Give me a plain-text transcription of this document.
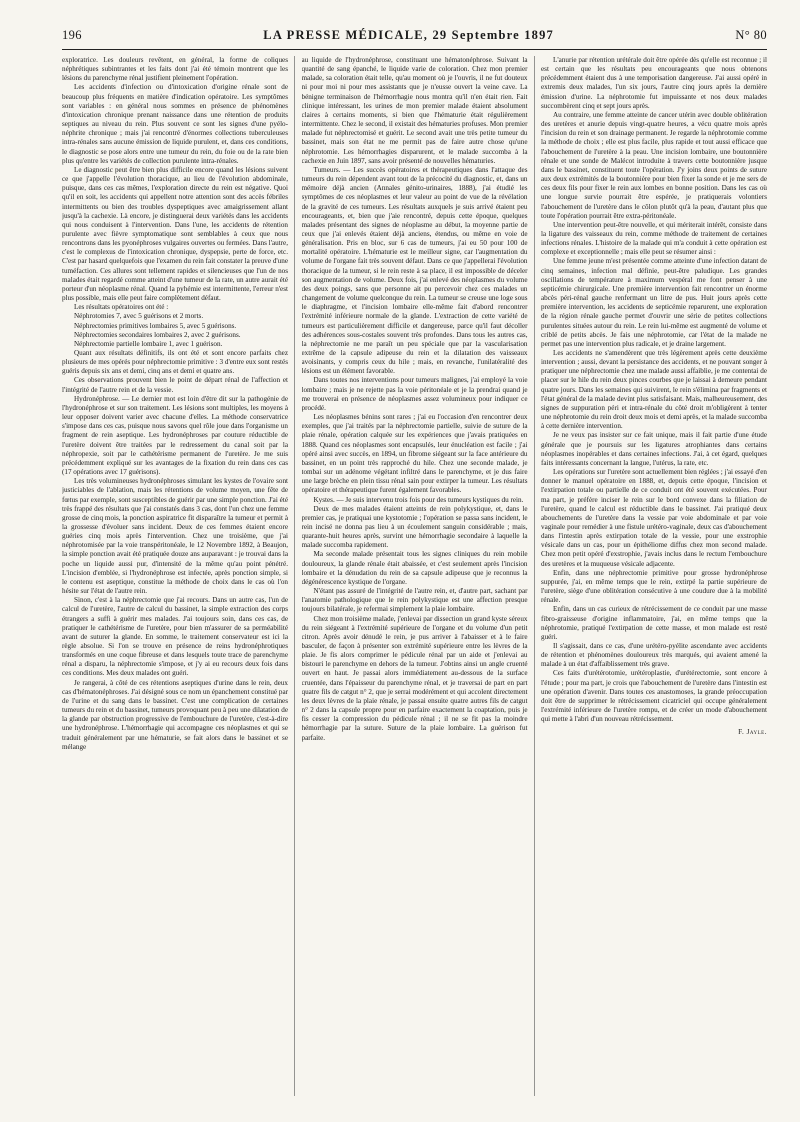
196	LA PRESSE MÉDICALE, 29 Septembre 1897	N° 80

exploratrice. Les douleurs revêtent, en général, la forme de coliques néphrétiques subintrantes et les faits dont j'ai été témoin montrent que les lésions du parenchyme rénal justifient pleinement l'opération.

Les accidents d'infection ou d'intoxication d'origine rénale sont de beaucoup plus fréquents en matière d'indication opératoire. Les symptômes sont variables : en général nous sommes en présence de phénomènes d'intoxication chronique prenant naissance dans une rétention de produits septiques au niveau du rein. Plus souvent ce sont les signes d'une pyélo-néphrite chronique ; mais j'ai rencontré d'énormes collections tuberculeuses intra-rénales sans aucune émission de liquide purulent, et, dans ces conditions, le diagnostic se pose alors entre une tumeur du rein, du foie ou de la rate bien plus qu'entre les variétés de collection purulente intra-rénales.

Le diagnostic peut être bien plus difficile encore quand les lésions suivent ce que j'appelle l'évolution thoracique, au lieu de l'évolution abdominale, puisque, dans ces cas mêmes, l'exploration directe du rein est négative. Quoi qu'il en soit, les accidents qui appellent notre attention sont des accès fébriles intermittents ou bien des troubles dyspeptiques avec amaigrissement allant jusqu'à la cachexie. Là encore, je distinguerai deux variétés dans les accidents qui nous conduisent à l'intervention. Dans l'une, les accidents de rétention purulente avec fièvre symptomatique sont semblables à ceux que nous rencontrons dans les pyonéphroses vulgaires ouvertes ou fermées. Dans l'autre, c'est le complexus de l'intoxication chronique, dyspepsie, perte de force, etc. C'est par hasard quelquefois que l'examen du rein fait constater la preuve d'une tuméfaction. Ces allures sont tellement rapides et silencieuses que l'un de nos malades était regardé comme atteint d'une tumeur de la rate, un autre aurait été porteur d'un néoplasme rénal. Quand la pyhémie est intermittente, l'erreur n'est plus possible, mais elle peut faire complètement défaut.

Les résultats opératoires ont été :

Néphrotomies 7, avec 5 guérisons et 2 morts.

Néphrectomies primitives lombaires 5, avec 5 guérisons.

Néphrectomies secondaires lombaires 2, avec 2 guérisons.

Néphrectomie partielle lombaire 1, avec 1 guérison.

Quant aux résultats définitifs, ils ont été et sont encore parfaits chez plusieurs de mes opérés pour néphrectomie primitive : 3 d'entre eux sont restés guéris depuis six ans et demi, cinq ans et demi et quatre ans.

Ces observations prouvent bien le point de départ rénal de l'affection et l'intégrité de l'autre rein et de la vessie.

Hydronéphrose. — Le dernier mot est loin d'être dit sur la pathogénie de l'hydronéphrose et sur son traitement. Les lésions sont multiples, les moyens à leur opposer doivent varier avec chacune d'elles. La méthode conservatrice s'impose dans ces cas, puisque nous savons quel rôle joue dans l'organisme un fragment de rein aseptique. Les hydronéphroses par couture réductible de l'uretère doivent être traitées par le redressement du canal soit par la néphropexie, soit par le cathétérisme permanent de l'uretère. Je me suis précédemment expliqué sur les avantages de la fixation du rein dans ces cas (17 opérations avec 17 guérisons).

Les très volumineuses hydronéphroses simulant les kystes de l'ovaire sont justiciables de l'ablation, mais les rétentions de volume moyen, une fête de fœtus par exemple, sont susceptibles de guérir par une simple ponction. J'ai été très frappé des résultats que j'ai constatés dans 3 cas, dont l'un chez une femme grosse de cinq mois, la ponction aspiratrice fit disparaître la tumeur et permit à la grossesse d'évoluer sans incident. Deux de ces femmes étaient encore guéries cinq mois après l'intervention. Chez une troisième, que j'ai néphrotomisée par la voie transpéritonéale, le 12 Novembre 1892, à Beaujon, la simple ponction avait été pratiquée douze ans auparavant : je trouvai dans la poche un liquide aussi pur, d'intensité de la même qu'au point pénétré. L'incision d'emblée, si l'hydronéphrose est infectée, après ponction simple, si le contenu est aseptique, constitue la méthode de choix dans le cas où l'on hésite sur l'état de l'autre rein.

Sinon, c'est à la néphrectomie que j'ai recours. Dans un autre cas, l'un de calcul de l'uretère, l'autre de calcul du bassinet, la simple extraction des corps étrangers a suffi à guérir mes malades. J'ai toujours soin, dans ces cas, de pratiquer le cathétérisme de l'uretère, pour bien m'assurer de sa perméabilité avant de suturer la glande. En somme, le traitement conservateur est ici la règle absolue. Si l'on se trouve en présence de reins hydronéphrotiques transformés en une coque fibreuse et dans lesquels toute trace de parenchyme rénal a disparu, la néphrectomie s'impose, et j'y ai eu recours deux fois dans ces conditions. Mes deux malades ont guéri.

Je rangerai, à côté de ces rétentions aseptiques d'urine dans le rein, deux cas d'hématonéphroses. J'ai désigné sous ce nom un épanchement constitué par de l'urine et du sang dans le bassinet. C'est une complication de certaines tumeurs du rein et du bassinet, tumeurs provoquant peu à peu une dilatation de la glande par obstruction progressive de l'embouchure de l'uretère, c'est-à-dire une hydronéphrose. L'hémorrhagie qui accompagne ces néoplasmes et qui se traduit généralement par une hématurie, se fait alors dans le bassinet et se mélange

au liquide de l'hydronéphrose, constituant une hématonéphrose. Suivant la quantité de sang épanché, le liquide varie de coloration. Chez mon premier malade, sa coloration était telle, qu'au moment où je l'ouvris, il ne fut douteux ni pour moi ni pour mes assistants que je n'eusse ouvert la veine cave. La bénigne terminaison de l'hémorrhagie nous montra qu'il n'en était rien. Fait clinique intéressant, les urines de mon premier malade étaient absolument claires à certains moments, si bien que l'hématurie était régulièrement intermittente. Chez le second, il existait des hématuries profuses. Mon premier malade fut néphrectomisé et guérit. Le second avait une très petite tumeur du bassinet, mais son état ne me permit pas de faire autre chose qu'une néphrotomie. Les hémorrhagies disparurent, et le malade succomba à la cachexie en Juin 1897, sans avoir présenté de nouvelles hématuries.

Tumeurs. — Les succès opératoires et thérapeutiques dans l'attaque des tumeurs du rein dépendent avant tout de la précocité du diagnostic, et, dans un mémoire déjà ancien (Annales génito-urinaires, 1888), j'ai étudié les symptômes de ces néoplasmes et leur valeur au point de vue de la révélation de la gravité de ces tumeurs. Les résultats auxquels je suis arrivé étaient peu encourageants, et, bien que j'aie rencontré, depuis cette époque, quelques malades présentant des signes de néoplasme au début, la moyenne partie de ceux que j'ai enlevés étaient déjà anciens, étendus, ou même en voie de généralisation. Pris en bloc, sur 6 cas de tumeurs, j'ai eu 50 pour 100 de mortalité opératoire. L'hématurie est le meilleur signe, car l'augmentation du volume de l'organe fait très souvent défaut. Dans ce que j'appellerai l'évolution thoracique de la tumeur, si le rein reste à sa place, il est impossible de déceler son augmentation de volume. Deux fois, j'ai enlevé des néoplasmes du volume des deux poings, sans que personne ait pu percevoir chez ces malades un changement de volume quelconque du rein. La tumeur se creuse une loge sous le diaphragme, et l'incision lombaire elle-même fait d'abord rencontrer l'extrémité inférieure normale de la glande. L'extraction de cette variété de tumeurs est particulièrement difficile et dangereuse, parce qu'il faut décoller des adhérences sous-costales souvent très profondes. Dans tous les autres cas, la néphrectomie ne me paraît un peu spéciale que par la vascularisation extrême de la capsule adipeuse du rein et la dilatation des vaisseaux avoisinants, y compris ceux du hile ; mais, en revanche, l'unilatéralité des lésions est un élément favorable.

Dans toutes nos interventions pour tumeurs malignes, j'ai employé la voie lombaire ; mais je ne rejette pas la voie péritonéale et je la prendrai quand je me trouverai en présence de néoplasmes assez volumineux pour indiquer ce procédé.

Les néoplasmes bénins sont rares ; j'ai eu l'occasion d'en rencontrer deux exemples, que j'ai traités par la néphrectomie partielle, suivie de suture de la plaie rénale, opération calquée sur les expériences que j'avais pratiquées en 1888. Quand ces néoplasmes sont encapsulés, leur énucléation est facile ; j'ai opéré ainsi avec succès, en 1894, un fibrome siégeant sur la face antérieure du bassinet, en un point très rapproché du hile. Chez une seconde malade, je tombai sur un adénome végétant infiltré dans le parenchyme, et je dus faire une large brèche en plein tissu rénal sain pour extirper la tumeur. Les résultats opératoire et thérapeutique furent également favorables.

Kystes. — Je suis intervenu trois fois pour des tumeurs kystiques du rein.

Deux de mes malades étaient atteints de rein polykystique, et, dans le premier cas, je pratiquai une kystotomie ; l'opération se passa sans incident, le rein incisé ne donna pas lieu à un écoulement sanguin considérable ; mais, quarante-huit heures après, survint une hémorrhagie secondaire à laquelle la malade succomba rapidement.

Ma seconde malade présentait tous les signes cliniques du rein mobile douloureux, la glande rénale était abaissée, et c'est seulement après l'incision lombaire et la dénudation du rein de sa capsule adipeuse que je reconnus la dégénérescence kystique de l'organe.

N'étant pas assuré de l'intégrité de l'autre rein, et, d'autre part, sachant par l'anatomie pathologique que le rein polykystique est une affection presque toujours bilatérale, je refermai simplement la plaie lombaire.

Chez mon troisième malade, j'enlevai par dissection un grand kyste séreux du rein siégeant à l'extrémité supérieure de l'organe et du volume d'un petit citron. Après avoir dénudé le rein, je pus arriver à l'abaisser et à le faire basculer, de façon à présenter son extrémité supérieure entre les lèvres de la plaie. Je fis alors comprimer le pédicule rénal par un aide et j'enlevai au bistouri le parenchyme en dehors de la tumeur. J'obtins ainsi un angle cruenté ouvert en haut. Je passai alors immédiatement au-dessous de la surface cruentée, dans l'épaisseur du parenchyme rénal, et je traversai de part en part quatre fils de catgut n° 2, que je serrai modérément et qui accolent directement les deux lèvres de la plaie rénale, je passai ensuite quatre autres fils de catgut n° 2 dans la capsule propre pour en parfaire exactement la coaptation, puis je fis cesser la compression du pédicule rénal ; il ne se fit pas la moindre hémorrhagie par la suture. Suture de la plaie lombaire. La guérison fut parfaite.

L'anurie par rétention urétérale doit être opérée dès qu'elle est reconnue ; il est certain que les résultats peu encourageants que nous obtenons précédemment étaient dus à une temporisation dangereuse. J'ai aussi opéré in extremis deux malades, l'un six jours, l'autre cinq jours après la dernière émission d'urine. La néphrotomie fut impuissante et nos deux malades succombèrent cinq et sept jours après.

Au contraire, une femme atteinte de cancer utérin avec double oblitération des uretères et anurie depuis vingt-quatre heures, a vécu quatre mois après l'incision du rein et son drainage permanent. Je regarde la néphrotomie comme la méthode de choix ; elle est plus facile, plus rapide et tout aussi efficace que l'abouchement de l'uretère à la peau. Une incision lombaire, une boutonnière rénale et une sonde de Malécot introduite à travers cette boutonnière jusque dans le bassinet, constituent toute l'opération. J'y joins deux points de suture aux deux extrémités de la boutonnière pour bien fixer la sonde et je me sers de ces deux fils pour fixer le rein aux lombes en bonne position. Dans les cas où une longue survie pourrait être espérée, je pratiquerais volontiers l'abouchement de l'uretère dans le côlon plutôt qu'à la peau, d'autant plus que toute l'opération pourrait être extra-péritonéale.

Une intervention peut-être nouvelle, et qui mériterait intérêt, consiste dans la ligature des vaisseaux du rein, comme méthode de traitement de certaines infections rénales. L'histoire de la malade qui m'a conduit à cette opération est complexe et exceptionnelle ; mais elle peut se résumer ainsi :

Une femme jeune m'est présentée comme atteinte d'une infection datant de cinq semaines, infection mal définie, peut-être paludique. Les grandes oscillations de température à maximum vespéral me font penser à une septicémie chirurgicale. Une première intervention fait rencontrer un énorme abcès péri-rénal gauche renfermant un litre de pus. Huit jours après cette première intervention, les accidents de septicémie reparurent, une exploration de la région rénale gauche permet d'ouvrir une série de petites collections purulentes situées autour du rein. Le rein lui-même est augmenté de volume et criblé de petits abcès. Je fais une néphrotomie, car l'état de la malade ne permet pas une intervention plus radicale, et je draine largement.

Les accidents ne s'amendèrent que très légèrement après cette deuxième intervention ; aussi, devant la persistance des accidents, et ne pouvant songer à pratiquer une néphrectomie chez une malade aussi affaiblie, je me contentai de placer sur le hile du rein deux pinces courbes que je laissai à demeure pendant quatre jours. Dans les semaines qui suivirent, le rein s'élimina par fragments et l'état général de la malade devint plus satisfaisant. Mais, malheureusement, des signes de suppuration péri et intra-rénale du côté droit m'obligèrent à tenter une néphrotomie du rein droit deux mois et demi après, et la malade succomba à cette dernière intervention.

Je ne veux pas insister sur ce fait unique, mais il fait partie d'une étude générale que je poursuis sur les ligatures atrophiantes dans certains néoplasmes inopérables et dans certaines infections. J'ai, à cet égard, quelques faits intéressants concernant la langue, l'utérus, la rate, etc.

Les opérations sur l'uretère sont actuellement bien réglées ; j'ai essayé d'en donner le manuel opératoire en 1888, et, depuis cette époque, l'incision et l'extirpation totale ou partielle de ce conduit ont été souvent exécutées. Pour ma part, je préfère inciser le rein sur le bord convexe dans la filiation de l'uretère, quand le calcul est réductible dans le bassinet. J'ai pratiqué deux abouchements de l'uretère dans la vessie par voie abdominale et par voie vaginale pour remédier à une fistule urétéro-vaginale, deux cas d'abouchement dans l'intestin après extirpation totale de la vessie, pour une exstrophie vésicale dans un cas, pour un épithéliome diffus chez mon second malade. Chez mon petit opéré d'exstrophie, j'avais inclus dans le rectum l'embouchure des uretères et la muqueuse vésicale adjacente.

Enfin, dans une néphrectomie primitive pour grosse hydronéphrose suppurée, j'ai, en même temps que le rein, extirpé la partie supérieure de l'uretère, siège d'une oblitération consécutive à une coudure due à la mobilité rénale.

Enfin, dans un cas curieux de rétrécissement de ce conduit par une masse fibro-graisseuse d'origine inflammatoire, j'ai, en même temps que la néphrotomie, pratiqué l'extirpation de cette masse, et mon malade est resté guéri.

Il s'agissait, dans ce cas, d'une urétéro-pyélite ascendante avec accidents de rétention et phénomènes douloureux très marqués, qui avaient amené la malade à un état d'affaiblissement très grave.

Ces faits d'urétérotomie, urétéroplastie, d'urétérectomie, sont encore à l'étude ; pour ma part, je crois que l'abouchement de l'uretère dans l'intestin est une opération d'avenir. Dans toutes ces anastomoses, la grande préoccupation doit être de supprimer le rétrécissement cicatriciel qui occupe généralement l'extrémité inférieure de l'uretère rompu, et de créer un mode d'abouchement qui mette à l'abri d'un nouveau rétrécissement.

F. Jayle.
